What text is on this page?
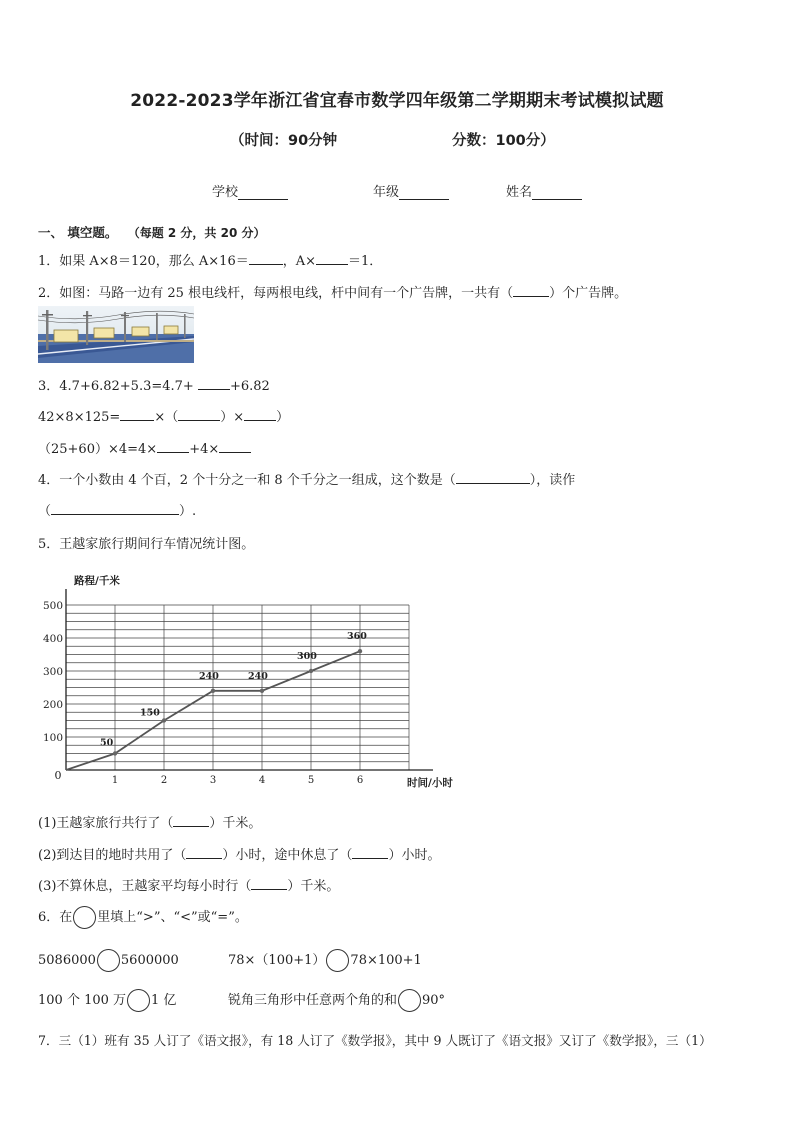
2022-2023学年浙江省宜春市数学四年级第二学期期末考试模拟试题
（时间：90分钟	分数：100分）
学校	年级	姓名
一、 填空题。 （每题 2 分，共 20 分）
1．如果 A×8＝120，那么 A×16＝	，A× ＝1．
2．如图：马路一边有 25 根电线杆，每两根电线，杆中间有一个广告牌，一共有（	）个广告牌。
3．4.7+6.82+5.3=4.7+ +6.82
42×8×125=	×（	）× ）
（25+60）×4=4× +4×
4．一个小数由 4 个百，2 个十分之一和 8 个千分之一组成，这个数是（	），读作
（	）.
5．王越家旅行期间行车情况统计图。
路程/千米
时间/小时
0	1	2	3	4	5	6
100
200
300
400
500
50
150
240	240
300
360
(1)王越家旅行共行了（	）千米。
(2)到达目的地时共用了（	）小时，途中休息了（	）小时。
(3)不算休息，王越家平均每小时行（	）千米。
6．在 里填上“>”、“<”或“=”。
5086000 5600000	78×（100+1） 78×100+1
100 个 100 万 1 亿	锐角三角形中任意两个角的和 90°
7．三（1）班有 35 人订了《语文报》，有 18 人订了《数学报》，其中 9 人既订了《语文报》又订了《数学报》，三（1）
